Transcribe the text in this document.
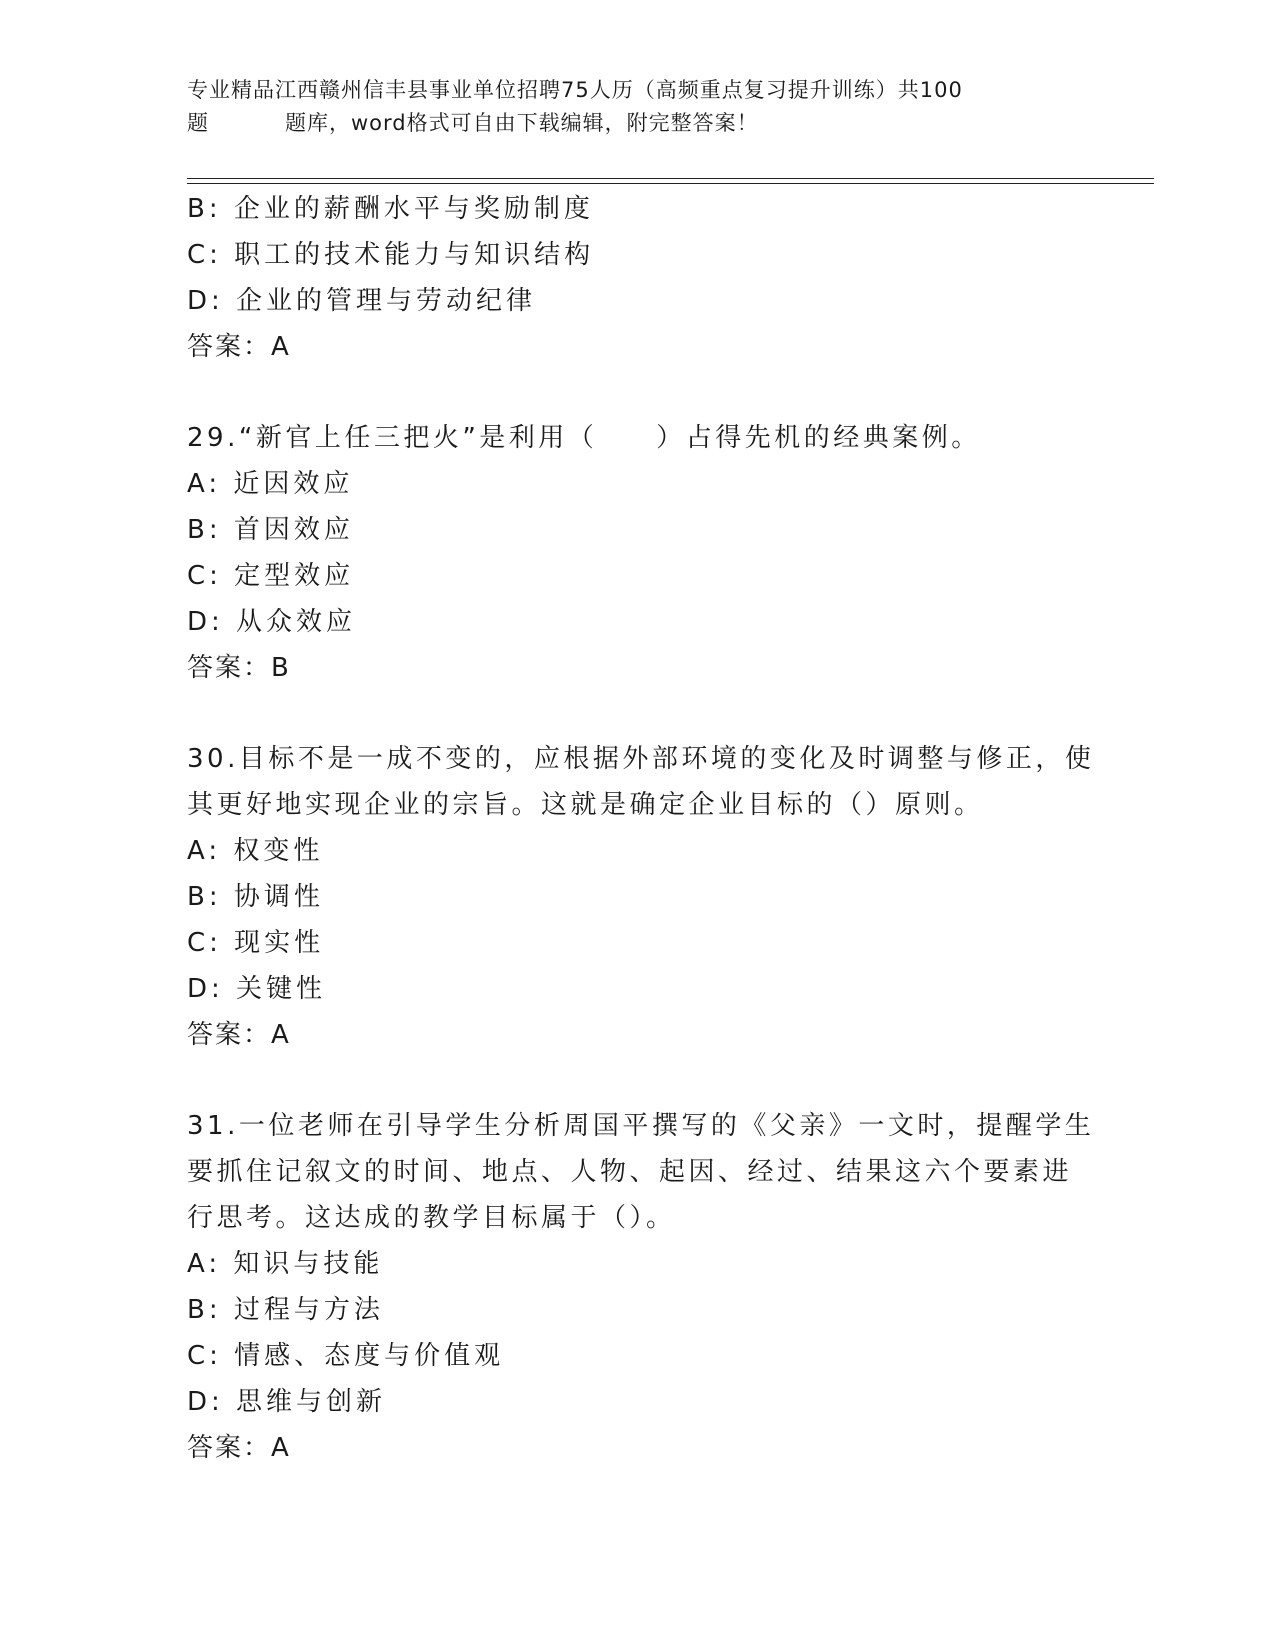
专业精品江西赣州信丰县事业单位招聘75人历（高频重点复习提升训练）共100
题	题库，word格式可自由下载编辑，附完整答案！
B: 企业的薪酬水平与奖励制度
C: 职工的技术能力与知识结构
D: 企业的管理与劳动纪律
答案：A
29.“新官上任三把火”是利用（　　）占得先机的经典案例。
A: 近因效应
B: 首因效应
C: 定型效应
D: 从众效应
答案：B
30.目标不是一成不变的，应根据外部环境的变化及时调整与修正，使
其更好地实现企业的宗旨。这就是确定企业目标的（）原则。
A: 权变性
B: 协调性
C: 现实性
D: 关键性
答案：A
31.一位老师在引导学生分析周国平撰写的《父亲》一文时，提醒学生
要抓住记叙文的时间、地点、人物、起因、经过、结果这六个要素进
行思考。这达成的教学目标属于（）。
A: 知识与技能
B: 过程与方法
C: 情感、态度与价值观
D: 思维与创新
答案：A
